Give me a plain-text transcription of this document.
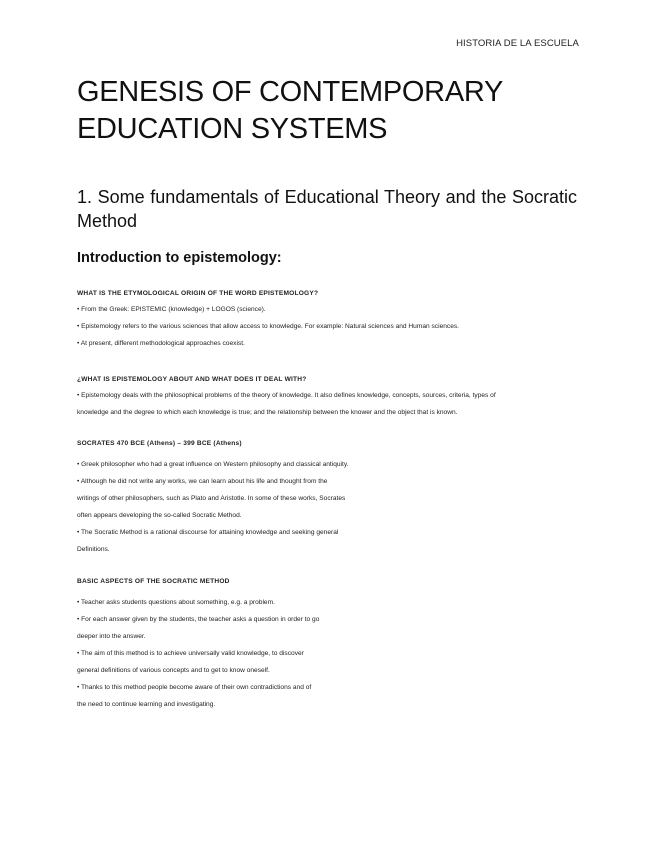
HISTORIA DE LA ESCUELA
GENESIS OF CONTEMPORARY
EDUCATION SYSTEMS
1. Some fundamentals of Educational Theory and the Socratic Method
Introduction to epistemology:
WHAT IS THE ETYMOLOGICAL ORIGIN OF THE WORD EPISTEMOLOGY?
• From the Greek: EPISTEMIC (knowledge) + LOGOS (science).
• Epistemology refers to the various sciences that allow access to knowledge. For example: Natural sciences and Human sciences.
• At present, different methodological approaches coexist.
¿WHAT IS EPISTEMOLOGY ABOUT AND WHAT DOES IT DEAL WITH?
• Epistemology deals with the philosophical problems of the theory of knowledge. It also defines knowledge, concepts, sources, criteria, types of
knowledge and the degree to which each knowledge is true; and the relationship between the knower and the object that is known.
SOCRATES 470 BCE (Athens) – 399 BCE (Athens)
• Greek philosopher who had a great influence on Western philosophy and classical antiquity.
• Although he did not write any works, we can learn about his life and thought from the
writings of other philosophers, such as Plato and Aristotle. In some of these works, Socrates
often appears developing the so-called Socratic Method.
• The Socratic Method is a rational discourse for attaining knowledge and seeking general
Definitions.
BASIC ASPECTS OF THE SOCRATIC METHOD
• Teacher asks students questions about something, e.g. a problem.
• For each answer given by the students, the teacher asks a question in order to go
deeper into the answer.
• The aim of this method is to achieve universally valid knowledge, to discover
general definitions of various concepts and to get to know oneself.
• Thanks to this method people become aware of their own contradictions and of
the need to continue learning and investigating.
